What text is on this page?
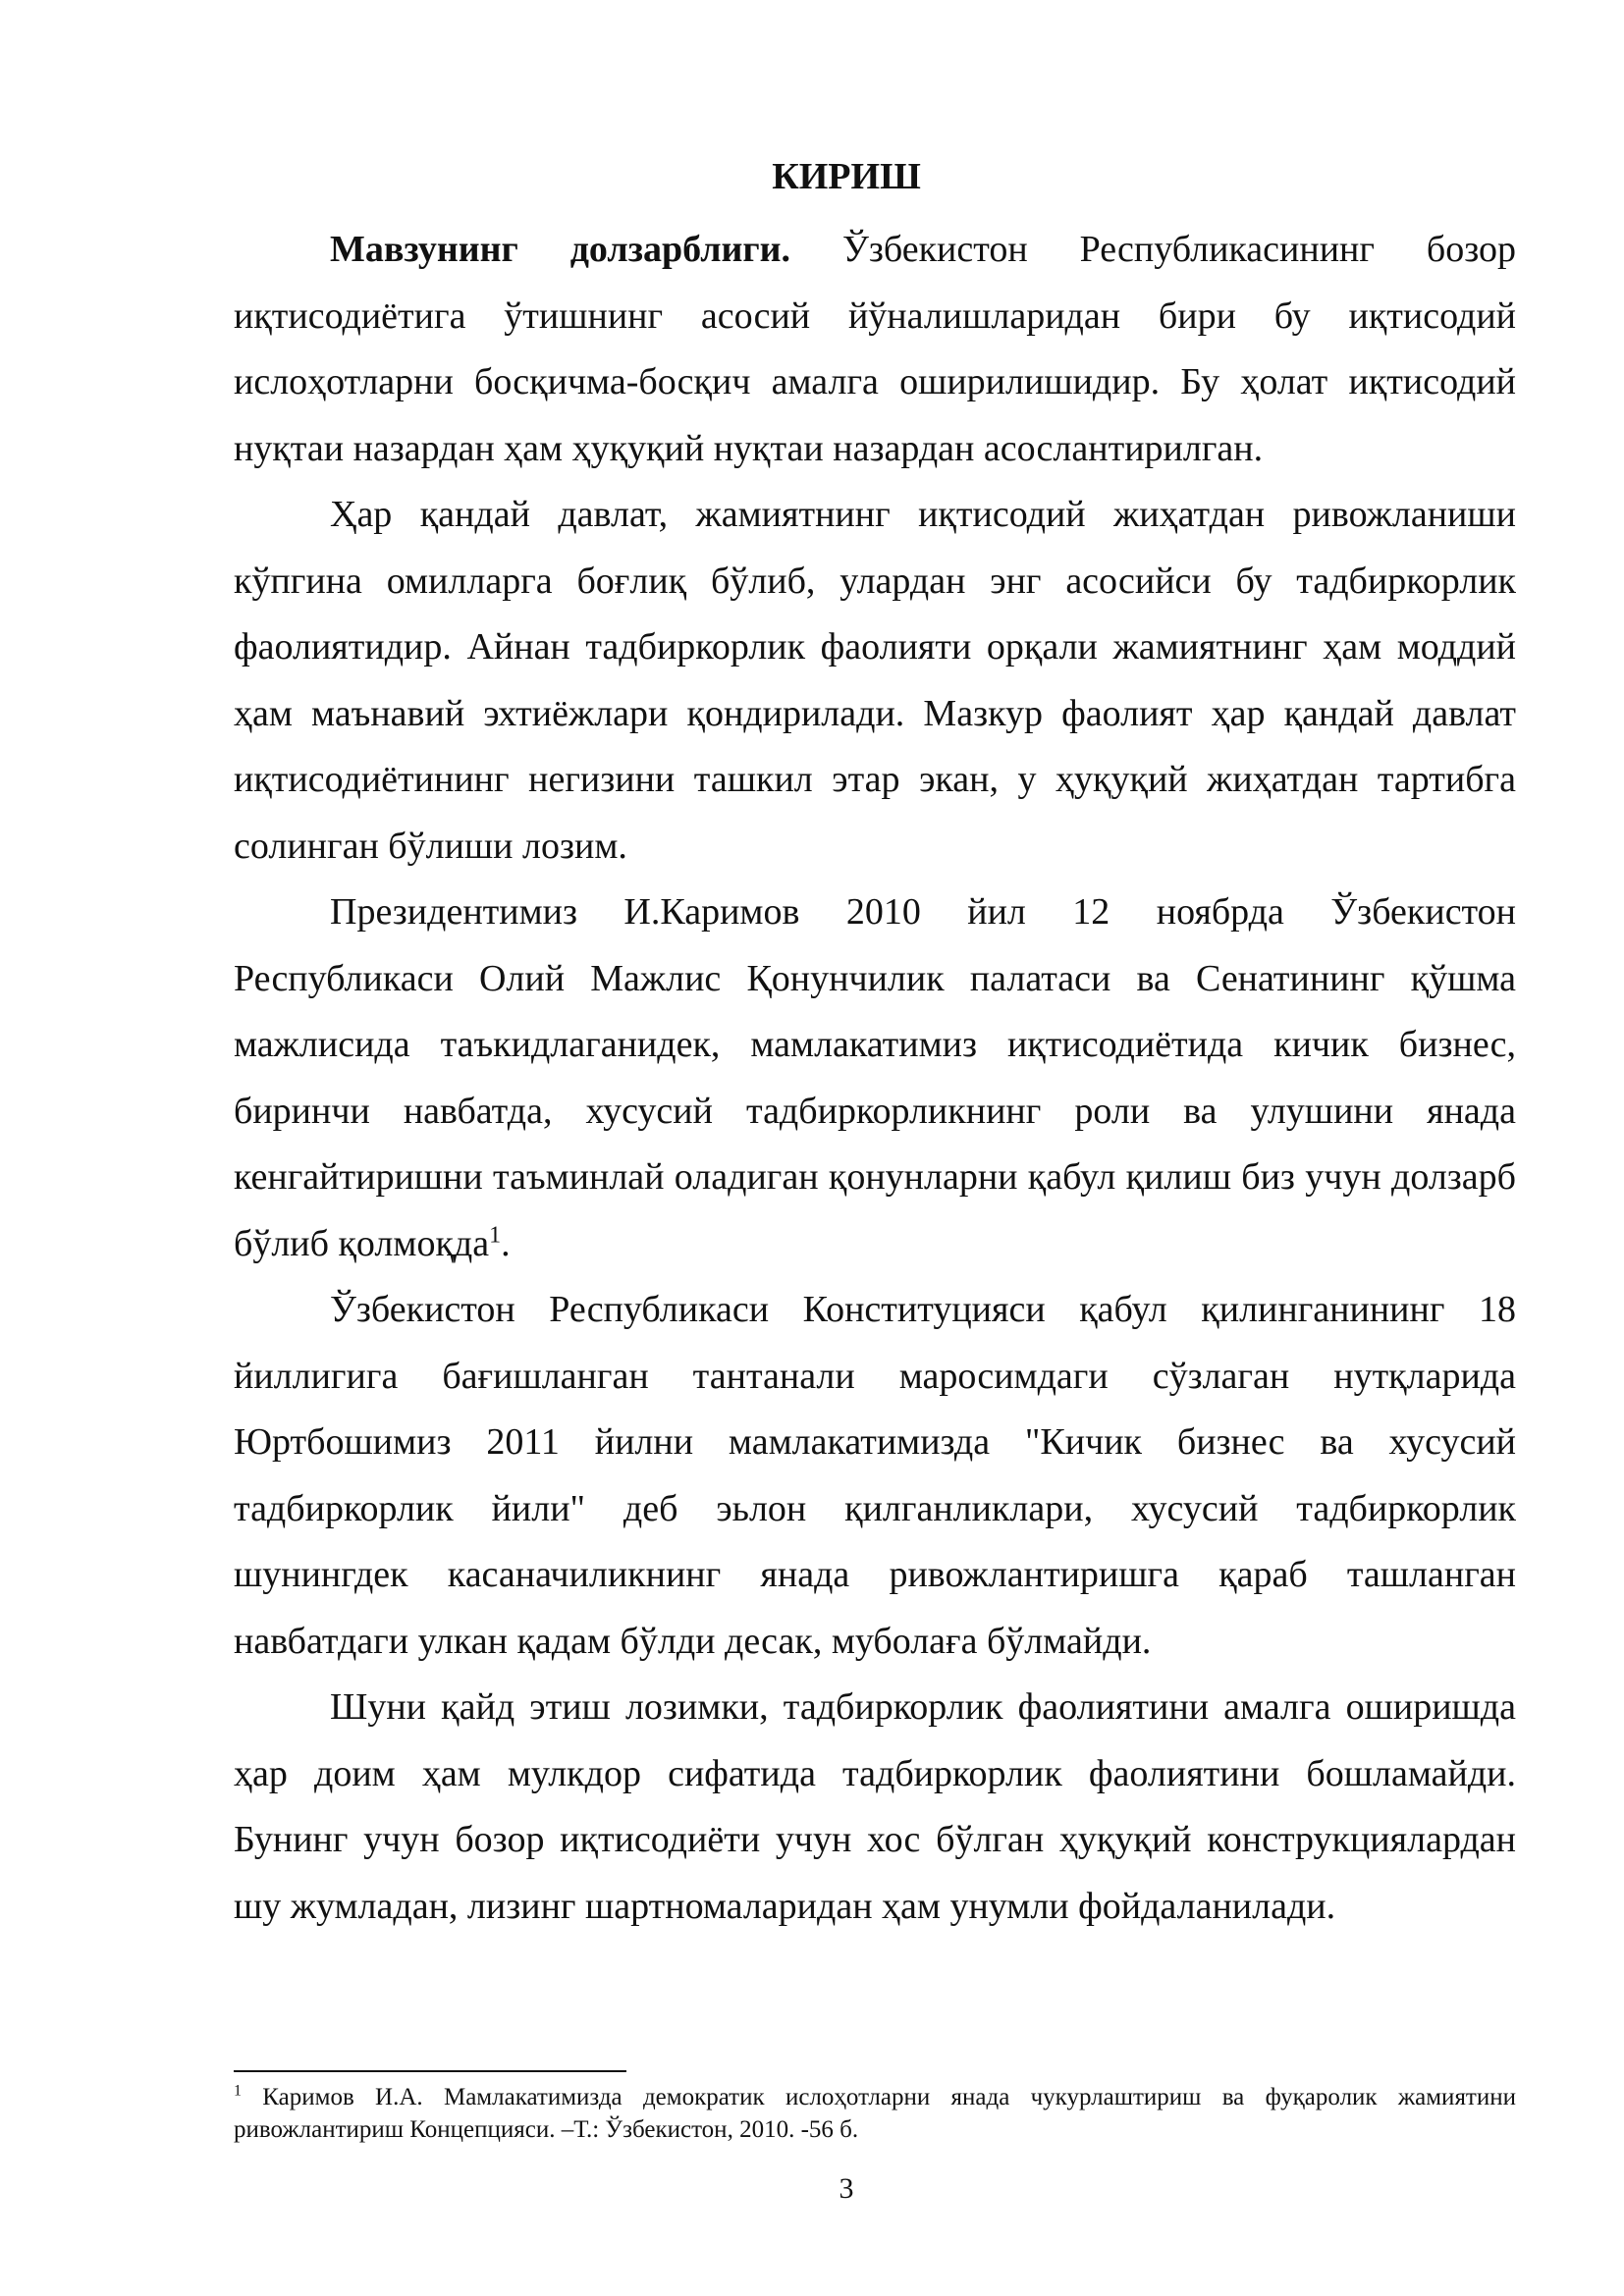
КИРИШ

Мавзунинг долзарблиги. Ўзбекистон Республикасининг бозор иқтисодиётига ўтишнинг асосий йўналишларидан бири бу иқтисодий ислоҳотларни босқичма-босқич амалга оширилишидир. Бу ҳолат иқтисодий нуқтаи назардан ҳам ҳуқуқий нуқтаи назардан асослантирилган.

Ҳар қандай давлат, жамиятнинг иқтисодий жиҳатдан ривожланиши кўпгина омилларга боғлиқ бўлиб, улардан энг асосийси бу тадбиркорлик фаолиятидир. Айнан тадбиркорлик фаолияти орқали жамиятнинг ҳам моддий ҳам маънавий эхтиёжлари қондирилади. Мазкур фаолият ҳар қандай давлат иқтисодиётининг негизини ташкил этар экан, у ҳуқуқий жиҳатдан тартибга солинган бўлиши лозим.

Президентимиз И.Каримов 2010 йил 12 ноябрда Ўзбекистон Республикаси Олий Мажлис Қонунчилик палатаси ва Сенатининг қўшма мажлисида таъкидлаганидек, мамлакатимиз иқтисодиётида кичик бизнес, биринчи навбатда, хусусий тадбиркорликнинг роли ва улушини янада кенгайтиришни таъминлай оладиган қонунларни қабул қилиш биз учун долзарб бўлиб қолмоқда$^1$.

Ўзбекистон Республикаси Конституцияси қабул қилинганининг 18 йиллигига бағишланган тантанали маросимдаги сўзлаган нутқларида Юртбошимиз 2011 йилни мамлакатимизда "Кичик бизнес ва хусусий тадбиркорлик йили" деб эьлон қилганликлари, хусусий тадбиркорлик шунингдек касаначиликнинг янада ривожлантиришга қараб ташланган навбатдаги улкан қадам бўлди десак, муболаға бўлмайди.

Шуни қайд этиш лозимки, тадбиркорлик фаолиятини амалга оширишда ҳар доим ҳам мулкдор сифатида тадбиркорлик фаолиятини бошламайди. Бунинг учун бозор иқтисодиёти учун хос бўлган ҳуқуқий конструкциялардан шу жумладан, лизинг шартномаларидан ҳам унумли фойдаланилади.

$^1$ Каримов И.А. Мамлакатимизда демократик ислоҳотларни янада чукурлаштириш ва фуқаролик жамиятини ривожлантириш Концепцияси. –Т.: Ўзбекистон, 2010. -56 б.

3
